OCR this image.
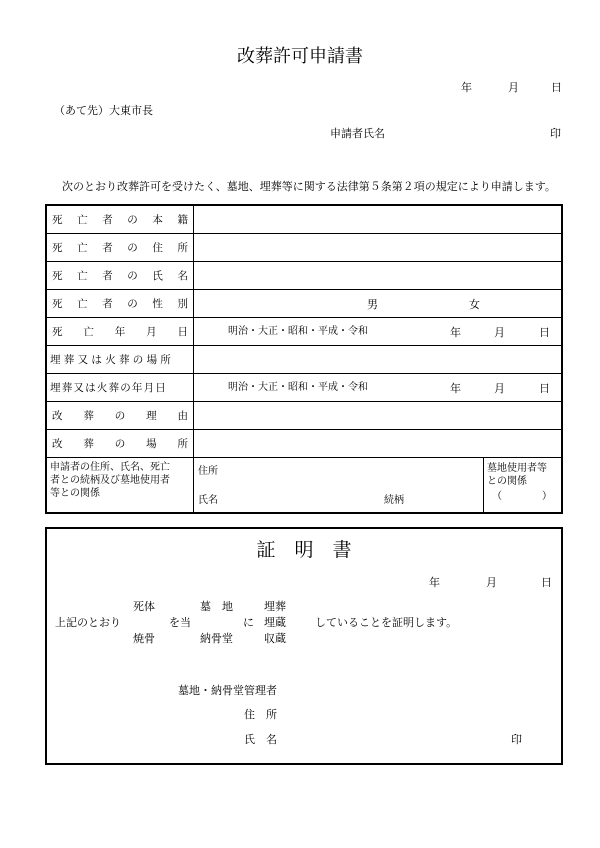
改葬許可申請書
年	月	日
（あて先）大東市長
申請者氏名	印
次のとおり改葬許可を受けたく、墓地、埋葬等に関する法律第５条第２項の規定により申請します。
死 亡 者 の 本 籍
死 亡 者 の 住 所
死 亡 者 の 氏 名
死 亡 者 の 性 別	男	女
死 亡 年 月 日	明治・大正・昭和・平成・令和	年	月	日
埋葬又は火葬の場所
埋葬又は火葬の年月日	明治・大正・昭和・平成・令和	年	月	日
改 葬 の 理 由
改 葬 の 場 所
申請者の住所、氏名、死亡
者との続柄及び墓地使用者
等との関係
住所
氏名	続柄
墓地使用者等
との関係
（　　　　）
証　明　書
年	月	日
死体	墓　地	埋葬
上記のとおり	を当	に 埋蔵	していることを証明します。
焼骨	納骨堂	収蔵
墓地・納骨堂管理者
住　所
氏　名	印
